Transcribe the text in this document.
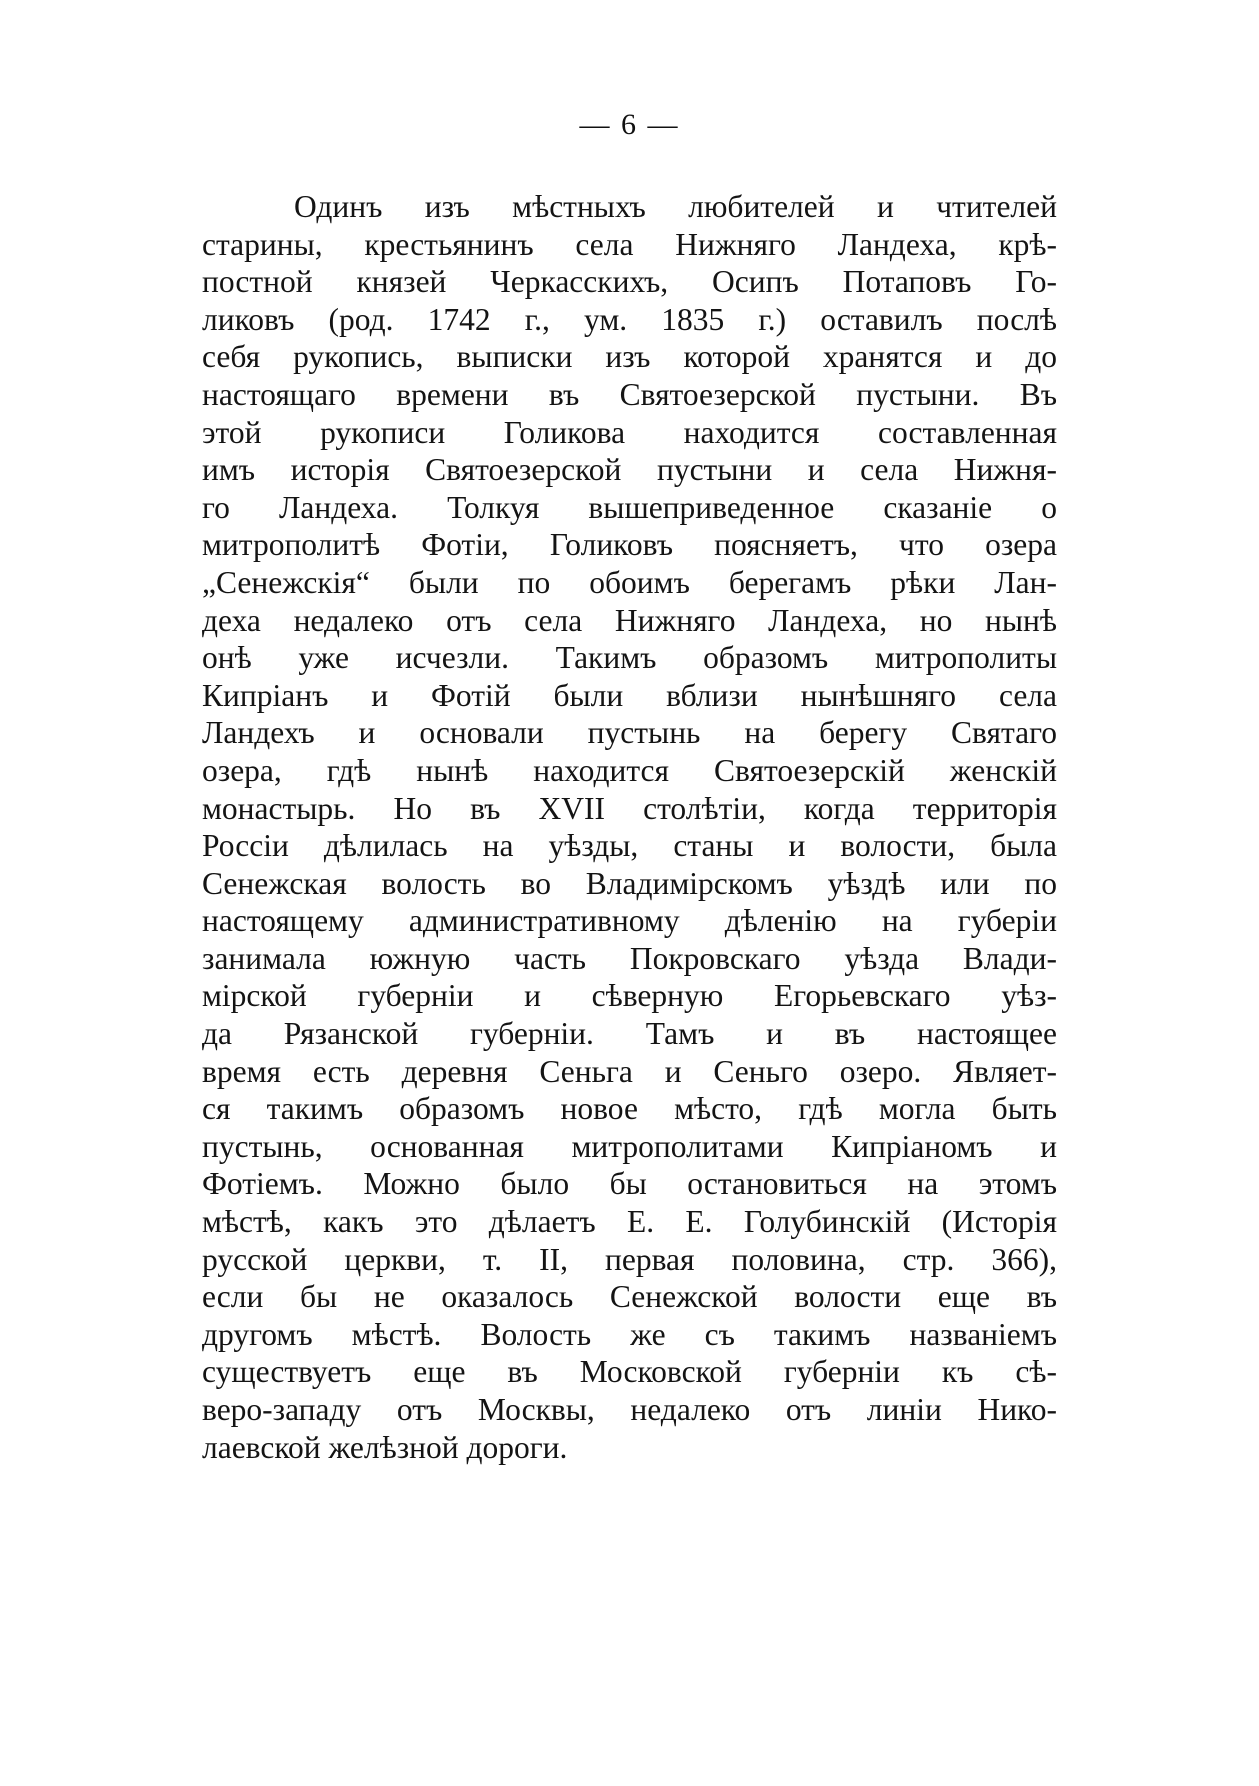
— 6 —
Одинъ изъ мѣстныхъ любителей и чтителей
старины, крестьянинъ села Нижняго Ландеха, крѣ-
постной князей Черкасскихъ, Осипъ Потаповъ Го-
ликовъ (род. 1742 г., ум. 1835 г.) оставилъ послѣ
себя рукопись, выписки изъ которой хранятся и до
настоящаго времени въ Святоезерской пустыни. Въ
этой рукописи Голикова находится составленная
имъ исторія Святоезерской пустыни и села Нижня-
го Ландеха. Толкуя вышеприведенное сказаніе о
митрополитѣ Фотіи, Голиковъ поясняетъ, что озера
„Сенежскія“ были по обоимъ берегамъ рѣки Лан-
деха недалеко отъ села Нижняго Ландеха, но нынѣ
онѣ уже исчезли. Такимъ образомъ митрополиты
Кипріанъ и Фотій были вблизи нынѣшняго села
Ландехъ и основали пустынь на берегу Святаго
озера, гдѣ нынѣ находится Святоезерскій женскій
монастырь. Но въ XVII столѣтіи, когда территорія
Россіи дѣлилась на уѣзды, станы и волости, была
Сенежская волость во Владимірскомъ уѣздѣ или по
настоящему административному дѣленію на губеріи
занимала южную часть Покровскаго уѣзда Влади-
мірской губерніи и сѣверную Егорьевскаго уѣз-
да Рязанской губерніи. Тамъ и въ настоящее
время есть деревня Сеньга и Сеньго озеро. Являет-
ся такимъ образомъ новое мѣсто, гдѣ могла быть
пустынь, основанная митрополитами Кипріаномъ и
Фотіемъ. Можно было бы остановиться на этомъ
мѣстѣ, какъ это дѣлаетъ Е. Е. Голубинскій (Исторія
русской церкви, т. II, первая половина, стр. 366),
если бы не оказалось Сенежской волости еще въ
другомъ мѣстѣ. Волость же съ такимъ названіемъ
существуетъ еще въ Московской губерніи къ сѣ-
веро-западу отъ Москвы, недалеко отъ линіи Нико-
лаевской желѣзной дороги.
